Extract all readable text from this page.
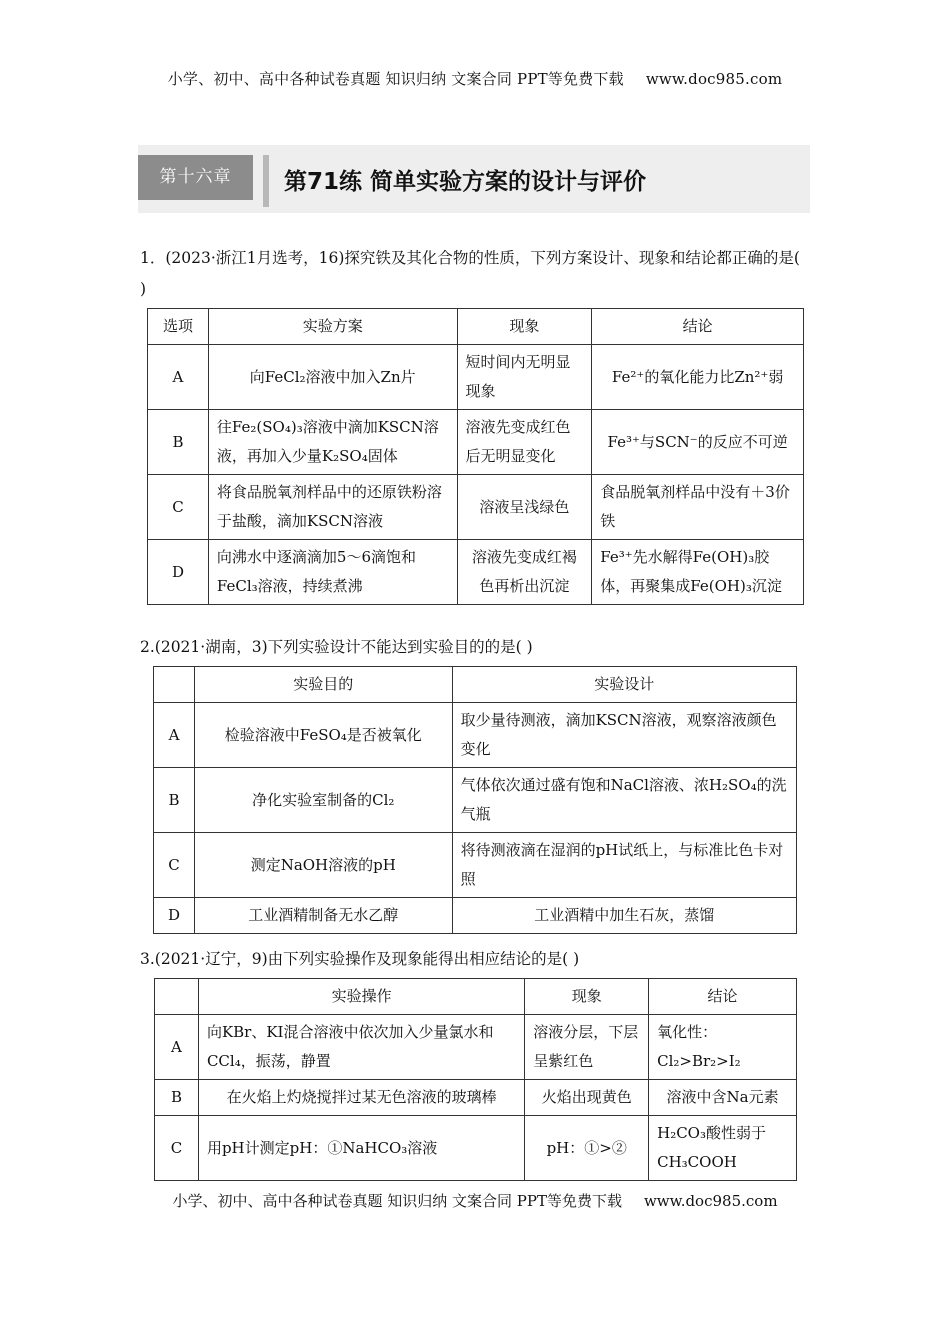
小学、初中、高中各种试卷真题 知识归纳 文案合同 PPT等免费下载 www.doc985.com
第十六章	第71练 简单实验方案的设计与评价
1．(2023·浙江1月选考，16)探究铁及其化合物的性质，下列方案设计、现象和结论都正确的是( )
选项	实验方案	现象	结论
A	向FeCl₂溶液中加入Zn片	短时间内无明显现象	Fe²⁺的氧化能力比Zn²⁺弱
B	往Fe₂(SO₄)₃溶液中滴加KSCN溶液，再加入少量K₂SO₄固体	溶液先变成红色后无明显变化	Fe³⁺与SCN⁻的反应不可逆
C	将食品脱氧剂样品中的还原铁粉溶于盐酸，滴加KSCN溶液	溶液呈浅绿色	食品脱氧剂样品中没有＋3价铁
D	向沸水中逐滴滴加5～6滴饱和FeCl₃溶液，持续煮沸	溶液先变成红褐色再析出沉淀	Fe³⁺先水解得Fe(OH)₃胶体，再聚集成Fe(OH)₃沉淀
2.(2021·湖南，3)下列实验设计不能达到实验目的的是( )
	实验目的	实验设计
A	检验溶液中FeSO₄是否被氧化	取少量待测液，滴加KSCN溶液，观察溶液颜色变化
B	净化实验室制备的Cl₂	气体依次通过盛有饱和NaCl溶液、浓H₂SO₄的洗气瓶
C	测定NaOH溶液的pH	将待测液滴在湿润的pH试纸上，与标准比色卡对照
D	工业酒精制备无水乙醇	工业酒精中加生石灰，蒸馏
3.(2021·辽宁，9)由下列实验操作及现象能得出相应结论的是( )
	实验操作	现象	结论
A	向KBr、KI混合溶液中依次加入少量氯水和CCl₄，振荡，静置	溶液分层，下层呈紫红色	氧化性：Cl₂>Br₂>I₂
B	在火焰上灼烧搅拌过某无色溶液的玻璃棒	火焰出现黄色	溶液中含Na元素
C	用pH计测定pH：①NaHCO₃溶液	pH：①>②	H₂CO₃酸性弱于CH₃COOH
小学、初中、高中各种试卷真题 知识归纳 文案合同 PPT等免费下载 www.doc985.com
